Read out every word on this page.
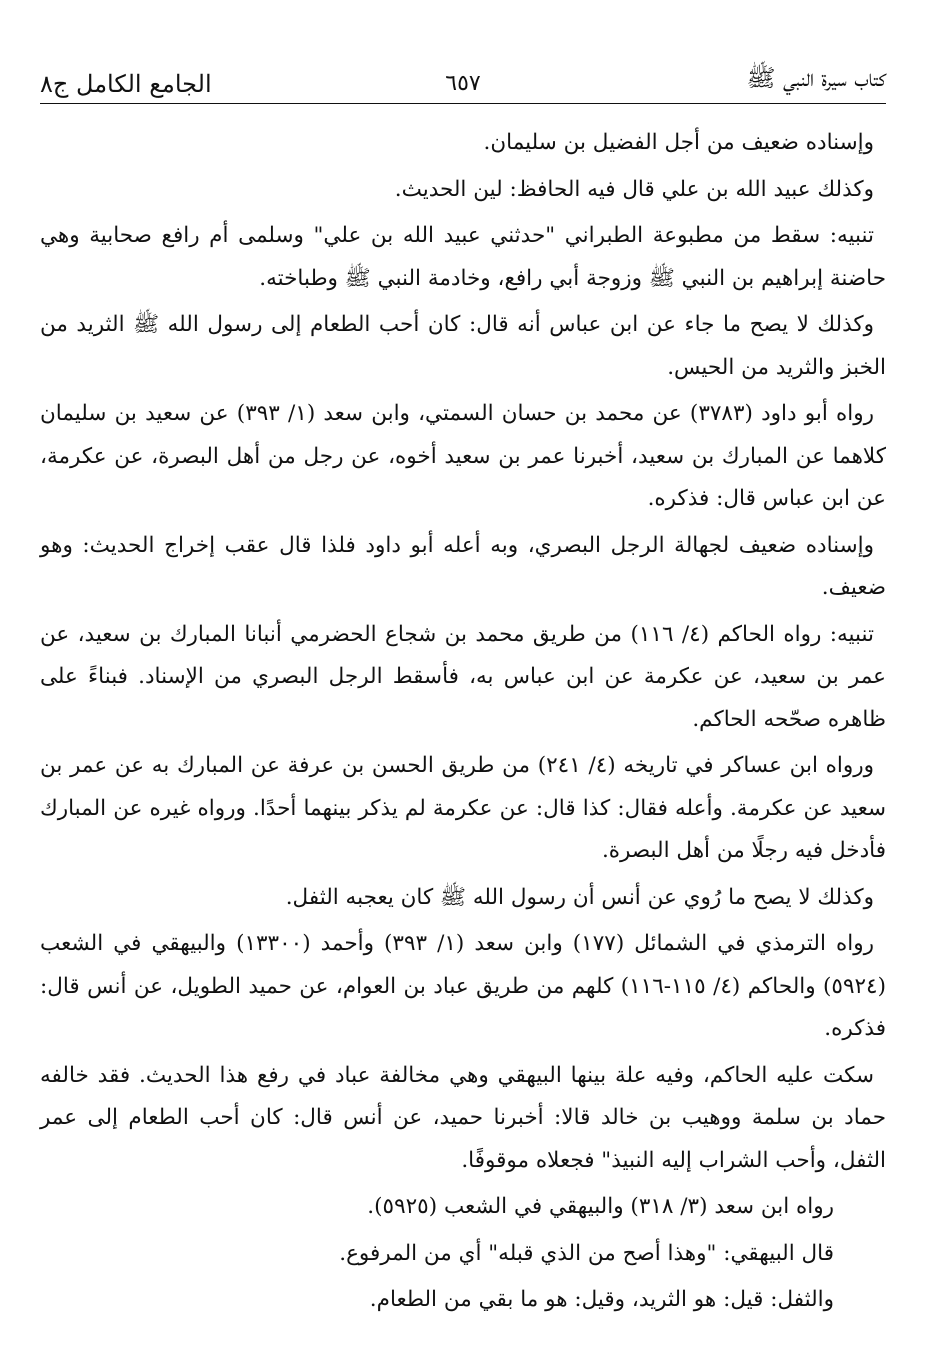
الجامع الكامل ج٨	٦٥٧	كتاب سيرة النبي ﷺ

وإسناده ضعيف من أجل الفضيل بن سليمان.

وكذلك عبيد الله بن علي قال فيه الحافظ: لين الحديث.

تنبيه: سقط من مطبوعة الطبراني "حدثني عبيد الله بن علي" وسلمى أم رافع صحابية وهي حاضنة إبراهيم بن النبي ﷺ وزوجة أبي رافع، وخادمة النبي ﷺ وطباخته.

وكذلك لا يصح ما جاء عن ابن عباس أنه قال: كان أحب الطعام إلى رسول الله ﷺ الثريد من الخبز والثريد من الحيس.

رواه أبو داود (٣٧٨٣) عن محمد بن حسان السمتي، وابن سعد (١/ ٣٩٣) عن سعيد بن سليمان كلاهما عن المبارك بن سعيد، أخبرنا عمر بن سعيد أخوه، عن رجل من أهل البصرة، عن عكرمة، عن ابن عباس قال: فذكره.

وإسناده ضعيف لجهالة الرجل البصري، وبه أعله أبو داود فلذا قال عقب إخراج الحديث: وهو ضعيف.

تنبيه: رواه الحاكم (٤/ ١١٦) من طريق محمد بن شجاع الحضرمي أنبانا المبارك بن سعيد، عن عمر بن سعيد، عن عكرمة عن ابن عباس به، فأسقط الرجل البصري من الإسناد. فبناءً على ظاهره صحّحه الحاكم.

ورواه ابن عساكر في تاريخه (٤/ ٢٤١) من طريق الحسن بن عرفة عن المبارك به عن عمر بن سعيد عن عكرمة. وأعله فقال: كذا قال: عن عكرمة لم يذكر بينهما أحدًا. ورواه غيره عن المبارك فأدخل فيه رجلًا من أهل البصرة.

وكذلك لا يصح ما رُوي عن أنس أن رسول الله ﷺ كان يعجبه الثفل.

رواه الترمذي في الشمائل (١٧٧) وابن سعد (١/ ٣٩٣) وأحمد (١٣٣٠٠) والبيهقي في الشعب (٥٩٢٤) والحاكم (٤/ ١١٥-١١٦) كلهم من طريق عباد بن العوام، عن حميد الطويل، عن أنس قال: فذكره.

سكت عليه الحاكم، وفيه علة بينها البيهقي وهي مخالفة عباد في رفع هذا الحديث. فقد خالفه حماد بن سلمة ووهيب بن خالد قالا: أخبرنا حميد، عن أنس قال: كان أحب الطعام إلى عمر الثفل، وأحب الشراب إليه النبيذ" فجعلاه موقوفًا.

رواه ابن سعد (٣/ ٣١٨) والبيهقي في الشعب (٥٩٢٥).

قال البيهقي: "وهذا أصح من الذي قبله" أي من المرفوع.

والثفل: قيل: هو الثريد، وقيل: هو ما بقي من الطعام.
